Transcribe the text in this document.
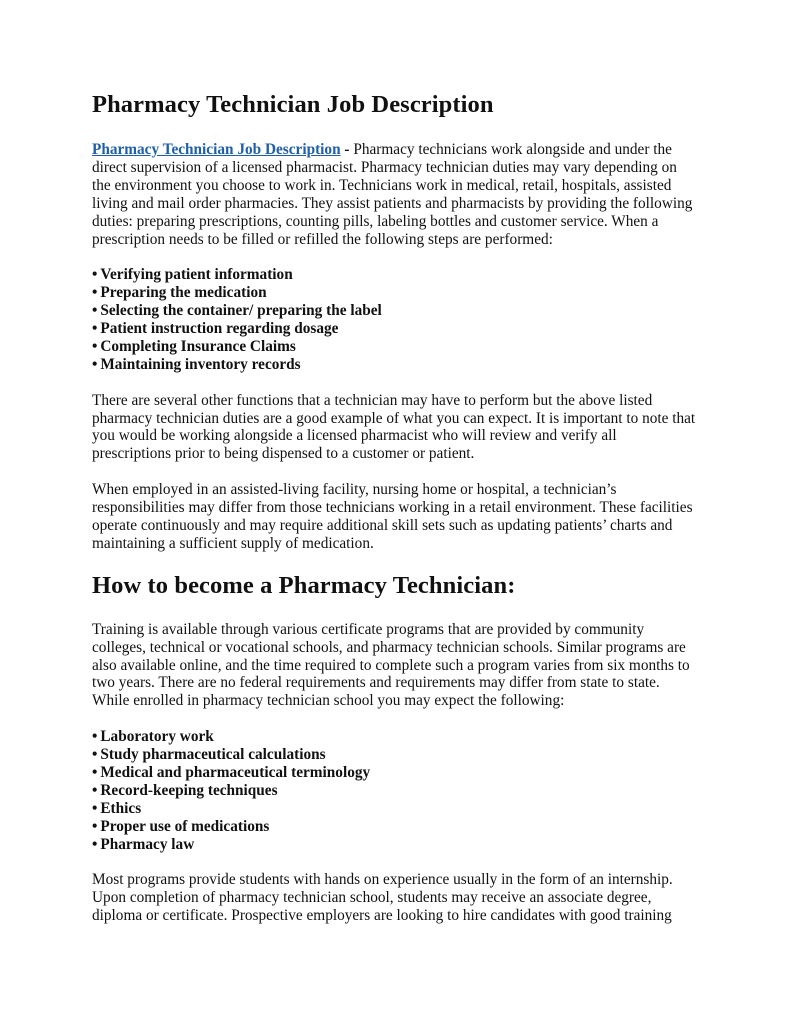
Pharmacy Technician Job Description

Pharmacy Technician Job Description - Pharmacy technicians work alongside and under the direct supervision of a licensed pharmacist. Pharmacy technician duties may vary depending on the environment you choose to work in. Technicians work in medical, retail, hospitals, assisted living and mail order pharmacies. They assist patients and pharmacists by providing the following duties: preparing prescriptions, counting pills, labeling bottles and customer service. When a prescription needs to be filled or refilled the following steps are performed:

• Verifying patient information
• Preparing the medication
• Selecting the container/ preparing the label
• Patient instruction regarding dosage
• Completing Insurance Claims
• Maintaining inventory records

There are several other functions that a technician may have to perform but the above listed pharmacy technician duties are a good example of what you can expect. It is important to note that you would be working alongside a licensed pharmacist who will review and verify all prescriptions prior to being dispensed to a customer or patient.

When employed in an assisted-living facility, nursing home or hospital, a technician’s responsibilities may differ from those technicians working in a retail environment. These facilities operate continuously and may require additional skill sets such as updating patients’ charts and maintaining a sufficient supply of medication.

How to become a Pharmacy Technician:

Training is available through various certificate programs that are provided by community colleges, technical or vocational schools, and pharmacy technician schools. Similar programs are also available online, and the time required to complete such a program varies from six months to two years. There are no federal requirements and requirements may differ from state to state. While enrolled in pharmacy technician school you may expect the following:

• Laboratory work
• Study pharmaceutical calculations
• Medical and pharmaceutical terminology
• Record-keeping techniques
• Ethics
• Proper use of medications
• Pharmacy law

Most programs provide students with hands on experience usually in the form of an internship. Upon completion of pharmacy technician school, students may receive an associate degree, diploma or certificate. Prospective employers are looking to hire candidates with good training
